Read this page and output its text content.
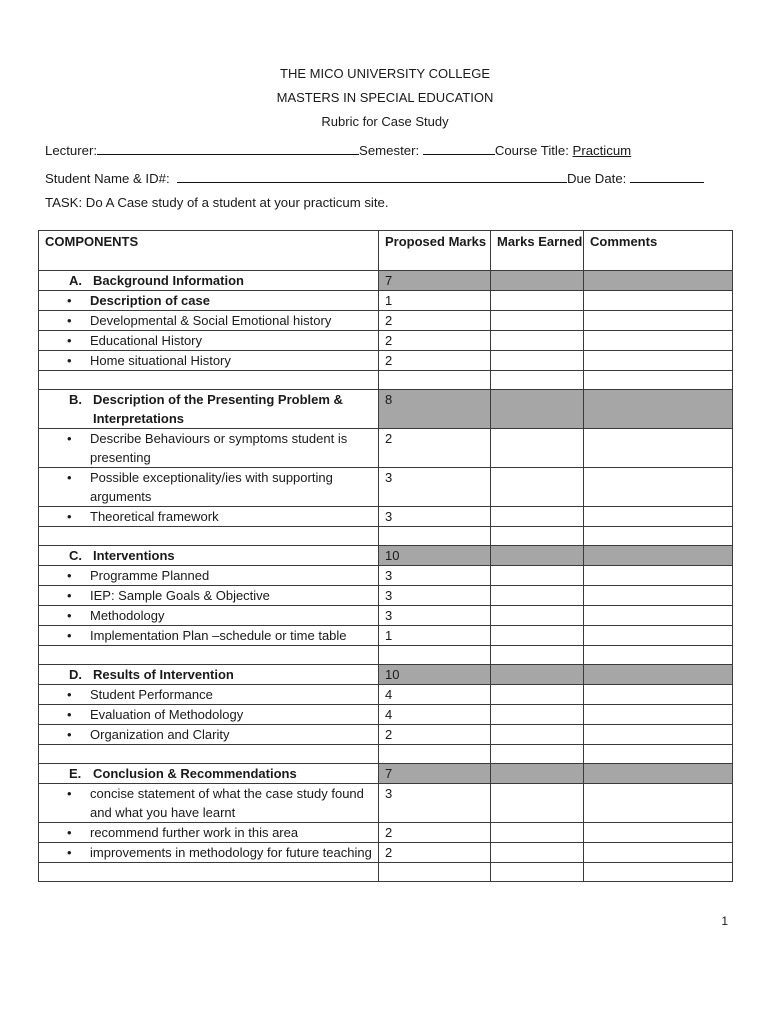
THE MICO UNIVERSITY COLLEGE
MASTERS IN SPECIAL EDUCATION
Rubric for Case Study
Lecturer:	Semester:	Course Title: Practicum
Student Name & ID#:	Due Date:
TASK: Do A Case study of a student at your practicum site.
COMPONENTS	Proposed Marks	Marks Earned	Comments

A. Background Information	7		

• Description of case	1		

• Developmental & Social Emotional history	2		

• Educational History	2		

• Home situational History	2		

B. Description of the Presenting Problem & Interpretations	8		

• Describe Behaviours or symptoms student is presenting	2		

• Possible exceptionality/ies with supporting arguments	3		

• Theoretical framework	3		

C. Interventions	10		

• Programme Planned	3		

• IEP: Sample Goals & Objective	3		

• Methodology	3		

• Implementation Plan –schedule or time table	1		

D. Results of Intervention	10		

• Student Performance	4		

• Evaluation of Methodology	4		

• Organization and Clarity	2		

E. Conclusion & Recommendations	7		

• concise statement of what the case study found and what you have learnt	3		

• recommend further work in this area	2		

• improvements in methodology for future teaching	2		

1
